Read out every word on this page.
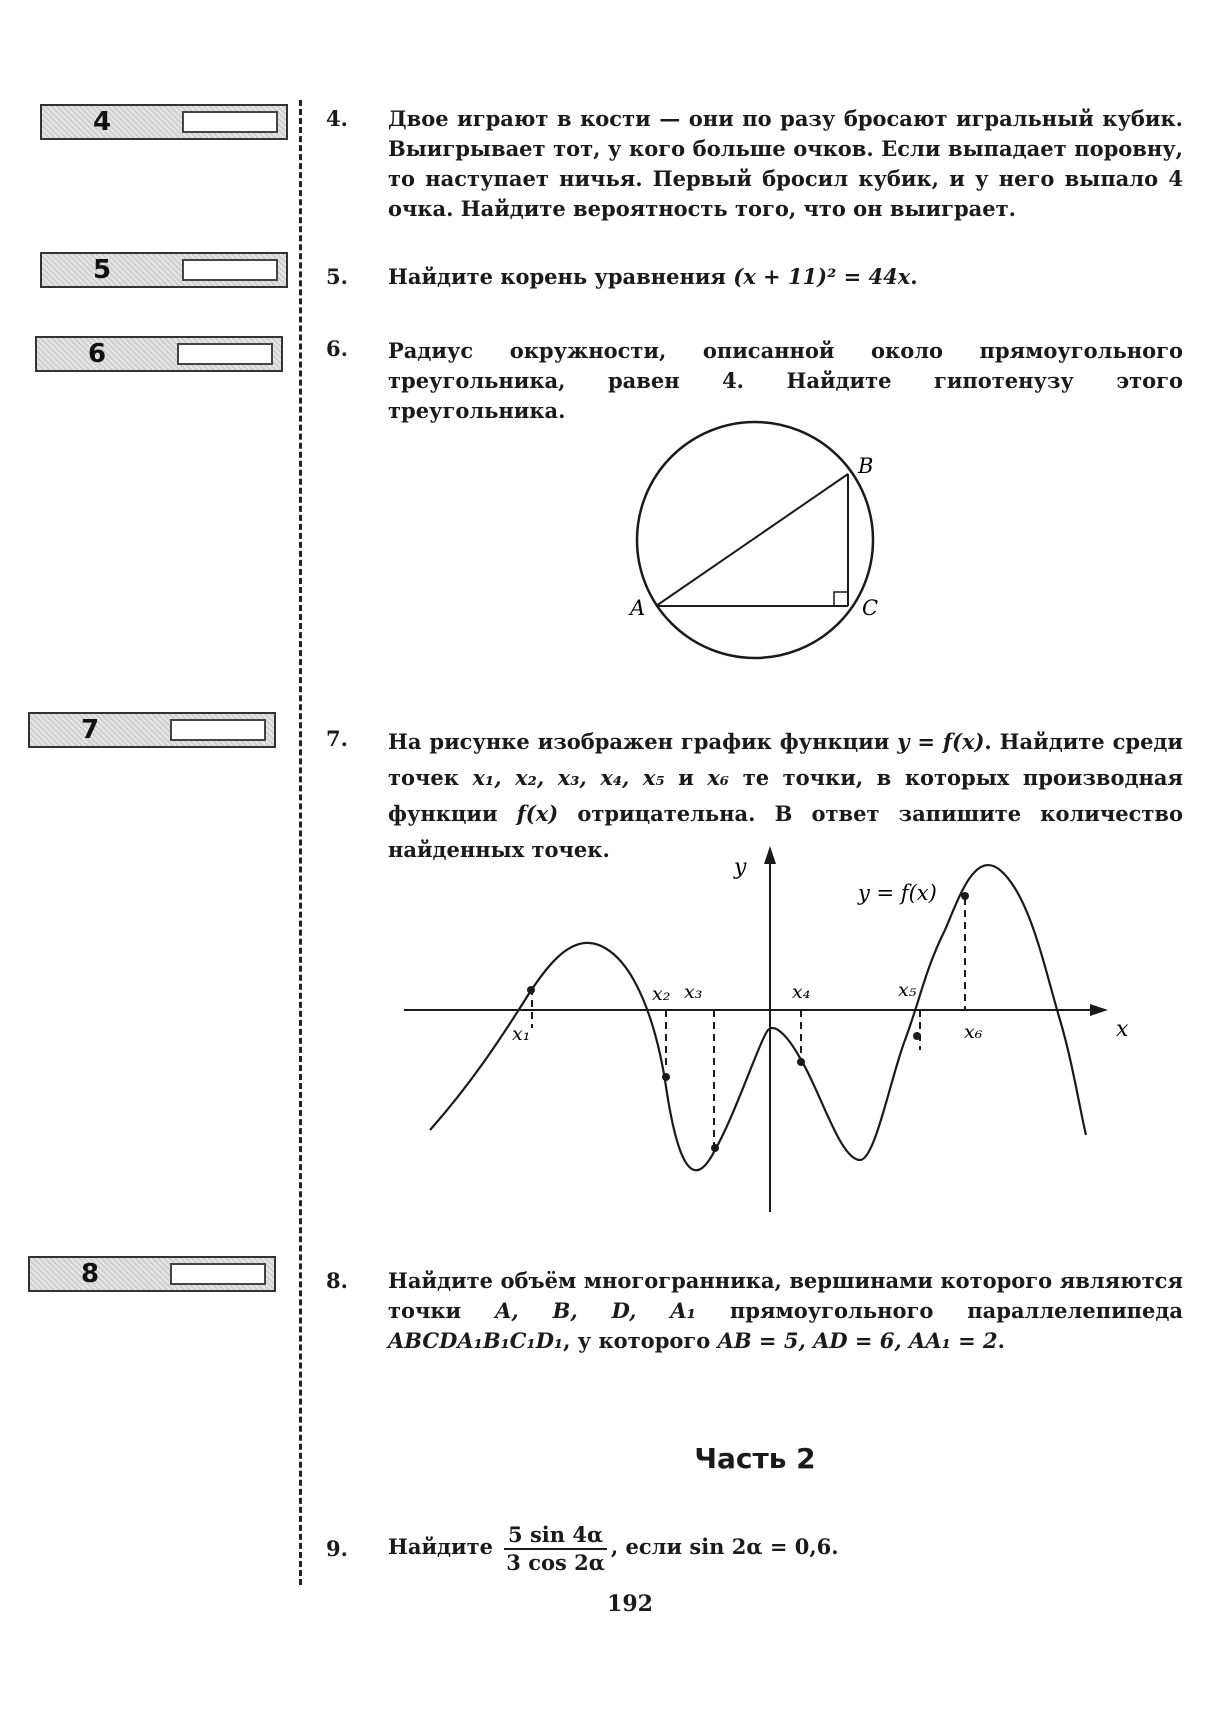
4
5
6
7
8
4. Двое играют в кости — они по разу бросают игральный кубик. Выигрывает тот, у кого больше очков. Если выпадает поровну, то наступает ничья. Первый бросил кубик, и у него выпало 4 очка. Найдите вероятность того, что он выиграет.
5. Найдите корень уравнения (x + 11)² = 44x.
6. Радиус окружности, описанной около прямоугольного треугольника, равен 4. Найдите гипотенузу этого треугольника.
A
B
C
7. На рисунке изображен график функции y = f(x). Найдите среди точек x₁, x₂, x₃, x₄, x₅ и x₆ те точки, в которых производная функции f(x) отрицательна. В ответ запишите количество найденных точек.
y
x
y = f(x)
x₁
x₂ x₃	x₄	x₅
x₆
8. Найдите объём многогранника, вершинами которого являются точки A, B, D, A₁ прямоугольного параллелепипеда ABCDA₁B₁C₁D₁, у которого AB = 5, AD = 6, AA₁ = 2.
Часть 2
9. Найдите $\frac{5 \sin 4\alpha}{3 \cos 2\alpha}$ , если sin 2α = 0,6.
192
